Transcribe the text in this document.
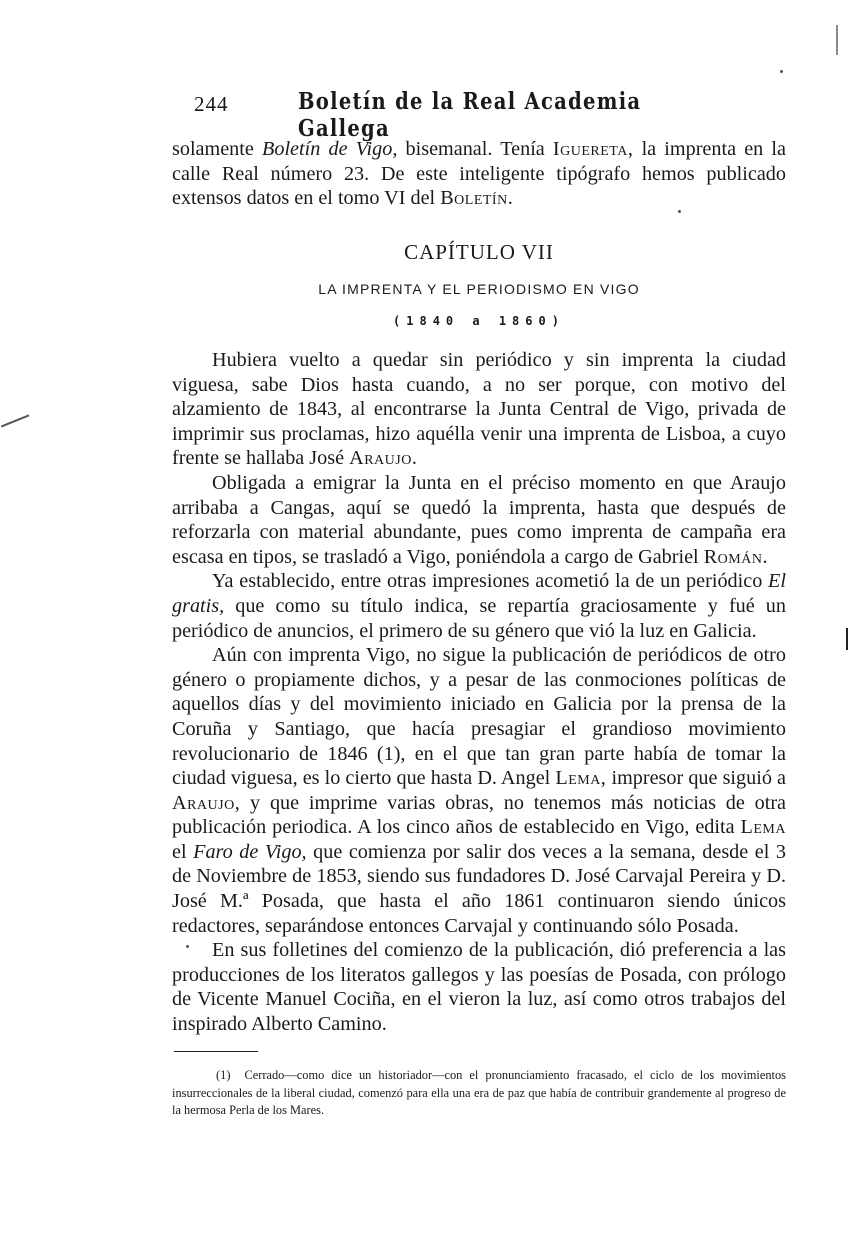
244	Boletín de la Real Academia Gallega

solamente Boletín de Vigo, bisemanal. Tenía Iguereta, la imprenta en la calle Real número 23. De este inteligente tipógrafo hemos publicado extensos datos en el tomo VI del Boletín.

CAPÍTULO VII
LA IMPRENTA Y EL PERIODISMO EN VIGO
(1840 a 1860)

Hubiera vuelto a quedar sin periódico y sin imprenta la ciudad viguesa, sabe Dios hasta cuando, a no ser porque, con motivo del alzamiento de 1843, al encontrarse la Junta Central de Vigo, privada de imprimir sus proclamas, hizo aquélla venir una imprenta de Lisboa, a cuyo frente se hallaba José Araujo.

Obligada a emigrar la Junta en el préciso momento en que Araujo arribaba a Cangas, aquí se quedó la imprenta, hasta que después de reforzarla con material abundante, pues como imprenta de campaña era escasa en tipos, se trasladó a Vigo, poniéndola a cargo de Gabriel Román.

Ya establecido, entre otras impresiones acometió la de un periódico El gratis, que como su título indica, se repartía graciosamente y fué un periódico de anuncios, el primero de su género que vió la luz en Galicia.

Aún con imprenta Vigo, no sigue la publicación de periódicos de otro género o propiamente dichos, y a pesar de las conmociones políticas de aquellos días y del movimiento iniciado en Galicia por la prensa de la Coruña y Santiago, que hacía presagiar el grandioso movimiento revolucionario de 1846 (1), en el que tan gran parte había de tomar la ciudad viguesa, es lo cierto que hasta D. Angel Lema, impresor que siguió a Araujo, y que imprime varias obras, no tenemos más noticias de otra publicación periodica. A los cinco años de establecido en Vigo, edita Lema el Faro de Vigo, que comienza por salir dos veces a la semana, desde el 3 de Noviembre de 1853, siendo sus fundadores D. José Carvajal Pereira y D. José M.ª Posada, que hasta el año 1861 continuaron siendo únicos redactores, separándose entonces Carvajal y continuando sólo Posada.

En sus folletines del comienzo de la publicación, dió preferencia a las producciones de los literatos gallegos y las poesías de Posada, con prólogo de Vicente Manuel Cociña, en el vieron la luz, así como otros trabajos del inspirado Alberto Camino.

(1) Cerrado—como dice un historiador—con el pronunciamiento fracasado, el ciclo de los movimientos insurreccionales de la liberal ciudad, comenzó para ella una era de paz que había de contribuir grandemente al progreso de la hermosa Perla de los Mares.
